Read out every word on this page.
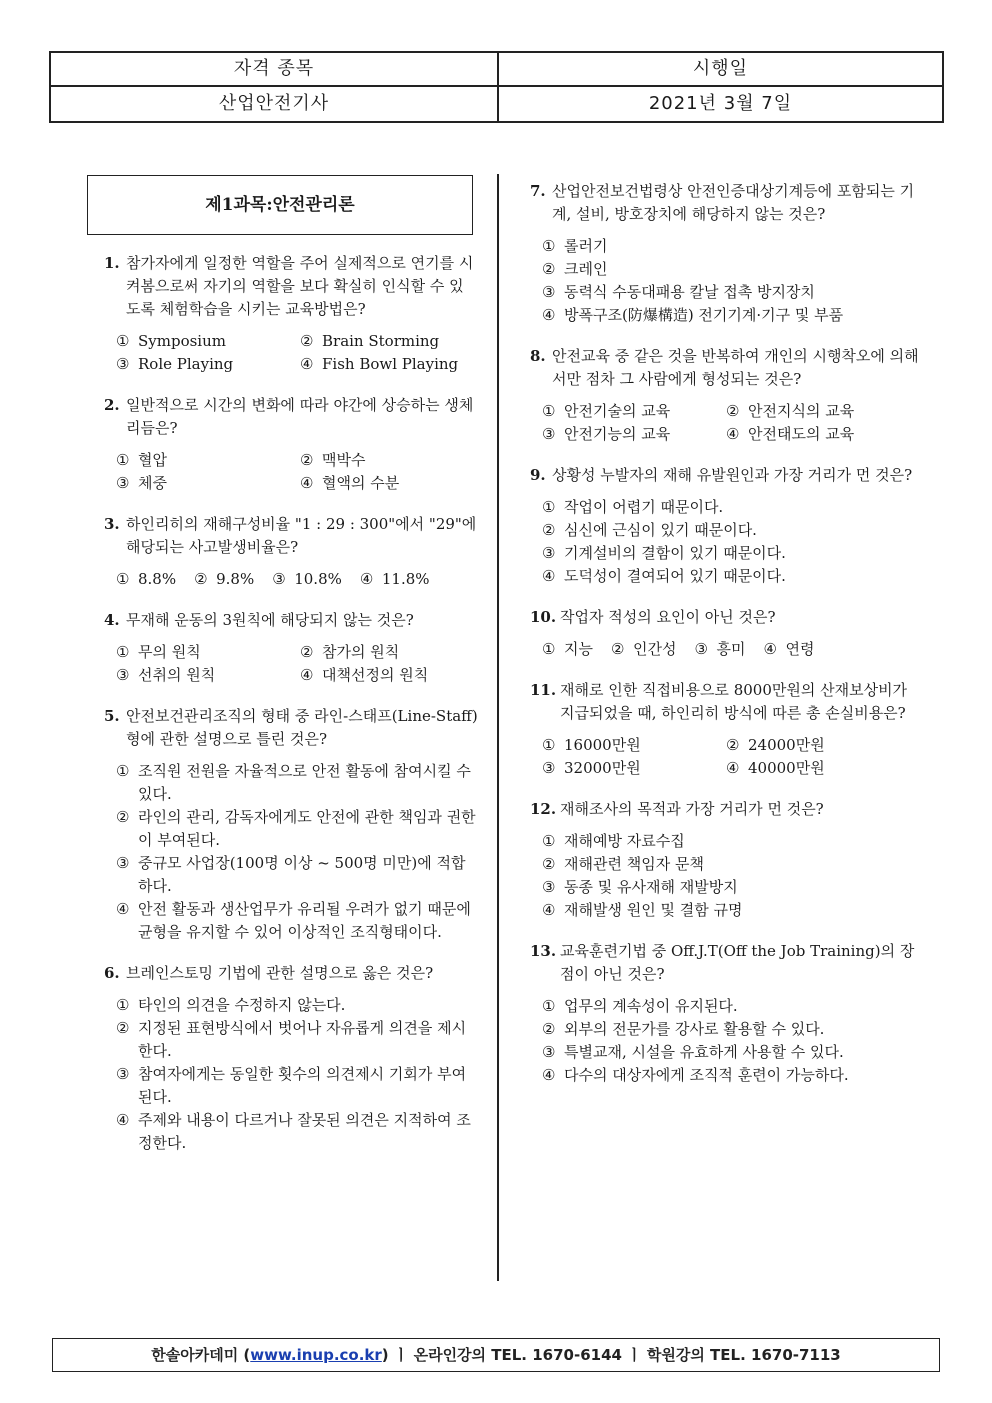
자격 종목	시행일
산업안전기사	2021년 3월 7일
제1과목:안전관리론
1. 참가자에게 일정한 역할을 주어 실제적으로 연기를 시켜봄으로써 자기의 역할을 보다 확실히 인식할 수 있도록 체험학습을 시키는 교육방법은?
① Symposium	② Brain Storming
③ Role Playing	④ Fish Bowl Playing
2. 일반적으로 시간의 변화에 따라 야간에 상승하는 생체리듬은?
① 혈압	② 맥박수
③ 체중	④ 혈액의 수분
3. 하인리히의 재해구성비율 "1 : 29 : 300"에서 "29"에 해당되는 사고발생비율은?
① 8.8% ② 9.8% ③ 10.8% ④ 11.8%
4. 무재해 운동의 3원칙에 해당되지 않는 것은?
① 무의 원칙	② 참가의 원칙
③ 선취의 원칙	④ 대책선정의 원칙
5. 안전보건관리조직의 형태 중 라인-스태프(Line-Staff)형에 관한 설명으로 틀린 것은?
① 조직원 전원을 자율적으로 안전 활동에 참여시킬 수 있다.
② 라인의 관리, 감독자에게도 안전에 관한 책임과 권한이 부여된다.
③ 중규모 사업장(100명 이상 ~ 500명 미만)에 적합하다.
④ 안전 활동과 생산업무가 유리될 우려가 없기 때문에 균형을 유지할 수 있어 이상적인 조직형태이다.
6. 브레인스토밍 기법에 관한 설명으로 옳은 것은?
① 타인의 의견을 수정하지 않는다.
② 지정된 표현방식에서 벗어나 자유롭게 의견을 제시한다.
③ 참여자에게는 동일한 횟수의 의견제시 기회가 부여된다.
④ 주제와 내용이 다르거나 잘못된 의견은 지적하여 조정한다.
7. 산업안전보건법령상 안전인증대상기계등에 포함되는 기계, 설비, 방호장치에 해당하지 않는 것은?
① 롤러기
② 크레인
③ 동력식 수동대패용 칼날 접촉 방지장치
④ 방폭구조(防爆構造) 전기기계·기구 및 부품
8. 안전교육 중 같은 것을 반복하여 개인의 시행착오에 의해서만 점차 그 사람에게 형성되는 것은?
① 안전기술의 교육	② 안전지식의 교육
③ 안전기능의 교육	④ 안전태도의 교육
9. 상황성 누발자의 재해 유발원인과 가장 거리가 먼 것은?
① 작업이 어렵기 때문이다.
② 심신에 근심이 있기 때문이다.
③ 기계설비의 결함이 있기 때문이다.
④ 도덕성이 결여되어 있기 때문이다.
10. 작업자 적성의 요인이 아닌 것은?
① 지능 ② 인간성 ③ 흥미 ④ 연령
11. 재해로 인한 직접비용으로 8000만원의 산재보상비가 지급되었을 때, 하인리히 방식에 따른 총 손실비용은?
① 16000만원	② 24000만원
③ 32000만원	④ 40000만원
12. 재해조사의 목적과 가장 거리가 먼 것은?
① 재해예방 자료수집
② 재해관련 책임자 문책
③ 동종 및 유사재해 재발방지
④ 재해발생 원인 및 결함 규명
13. 교육훈련기법 중 Off.J.T(Off the Job Training)의 장점이 아닌 것은?
① 업무의 계속성이 유지된다.
② 외부의 전문가를 강사로 활용할 수 있다.
③ 특별교재, 시설을 유효하게 사용할 수 있다.
④ 다수의 대상자에게 조직적 훈련이 가능하다.
한솔아카데미 (www.inup.co.kr) ㅣ 온라인강의 TEL. 1670-6144 ㅣ 학원강의 TEL. 1670-7113
